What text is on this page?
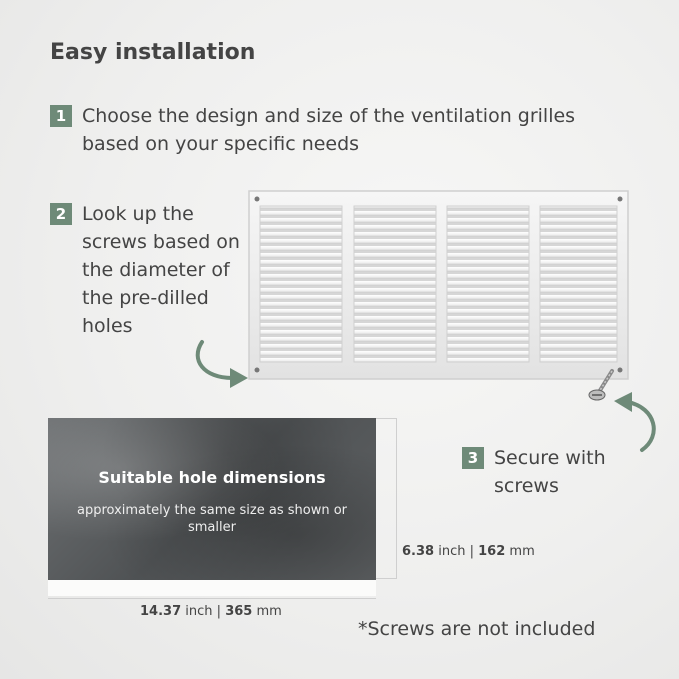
Easy installation
1 Choose the design and size of the ventilation grilles based on your specific needs
2 Look up the screws based on the diameter of the pre-dilled holes
3 Secure with screws
Suitable hole dimensions
approximately the same size as shown or smaller
6.38 inch | 162 mm
14.37 inch | 365 mm
*Screws are not included
